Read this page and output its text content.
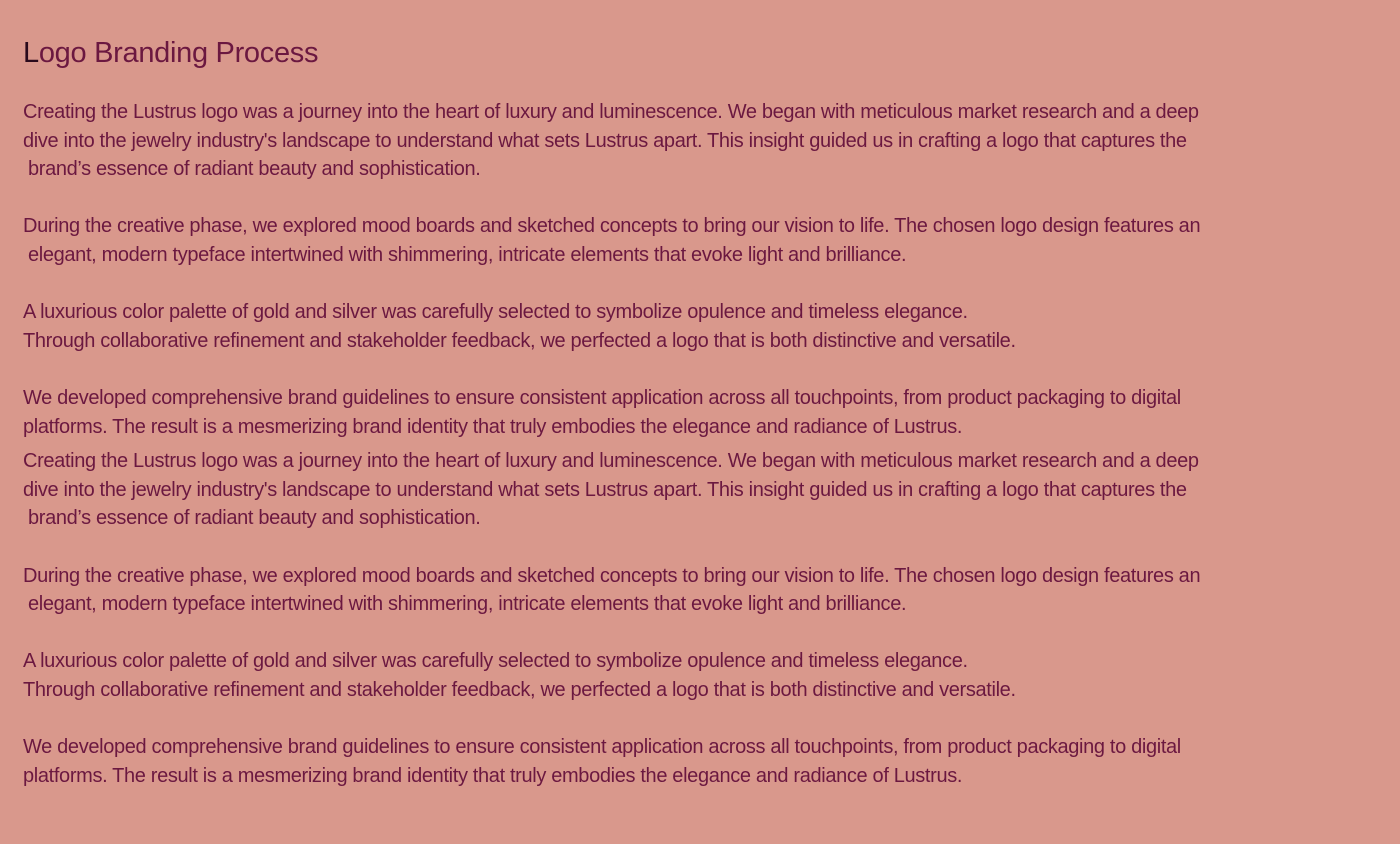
Logo Branding Process

Creating the Lustrus logo was a journey into the heart of luxury and luminescence. We began with meticulous market research and a deep
dive into the jewelry industry's landscape to understand what sets Lustrus apart. This insight guided us in crafting a logo that captures the
brand’s essence of radiant beauty and sophistication.

During the creative phase, we explored mood boards and sketched concepts to bring our vision to life. The chosen logo design features an
elegant, modern typeface intertwined with shimmering, intricate elements that evoke light and brilliance.

A luxurious color palette of gold and silver was carefully selected to symbolize opulence and timeless elegance.
Through collaborative refinement and stakeholder feedback, we perfected a logo that is both distinctive and versatile.

We developed comprehensive brand guidelines to ensure consistent application across all touchpoints, from product packaging to digital
platforms. The result is a mesmerizing brand identity that truly embodies the elegance and radiance of Lustrus.

Creating the Lustrus logo was a journey into the heart of luxury and luminescence. We began with meticulous market research and a deep
dive into the jewelry industry's landscape to understand what sets Lustrus apart. This insight guided us in crafting a logo that captures the
brand’s essence of radiant beauty and sophistication.

During the creative phase, we explored mood boards and sketched concepts to bring our vision to life. The chosen logo design features an
elegant, modern typeface intertwined with shimmering, intricate elements that evoke light and brilliance.

A luxurious color palette of gold and silver was carefully selected to symbolize opulence and timeless elegance.
Through collaborative refinement and stakeholder feedback, we perfected a logo that is both distinctive and versatile.

We developed comprehensive brand guidelines to ensure consistent application across all touchpoints, from product packaging to digital
platforms. The result is a mesmerizing brand identity that truly embodies the elegance and radiance of Lustrus.
